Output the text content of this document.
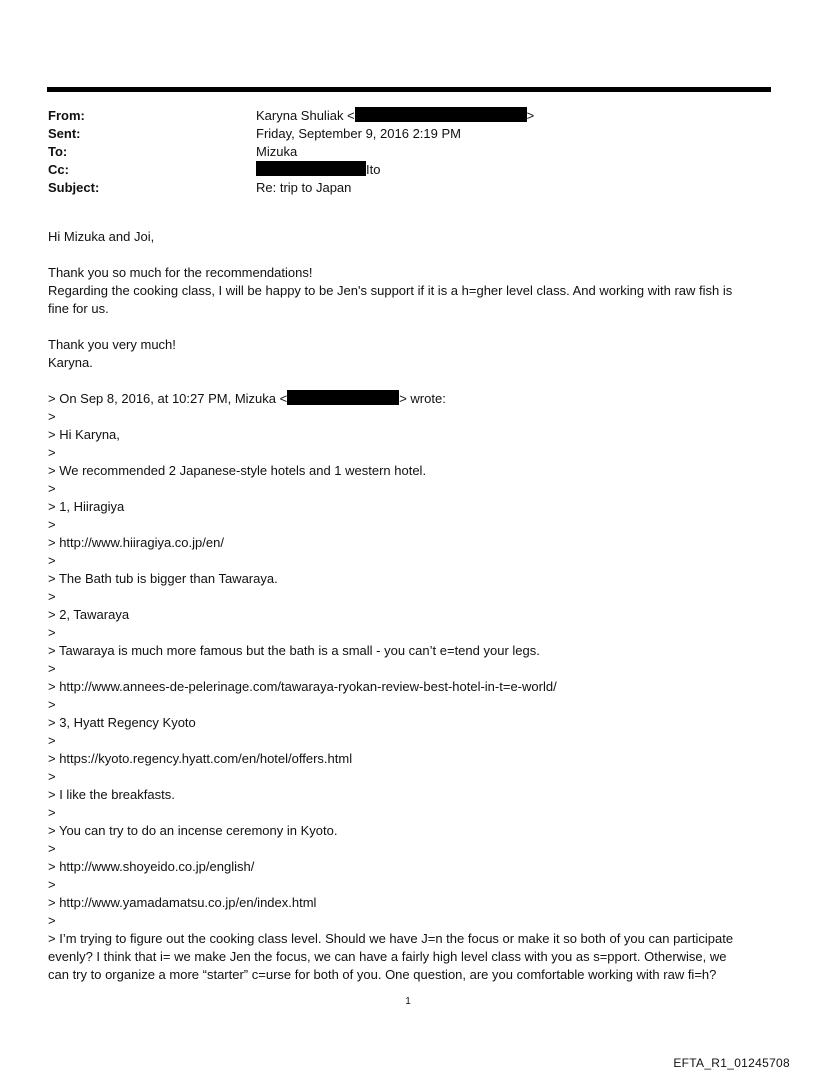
From:	Karyna Shuliak <	>
Sent:	Friday, September 9, 2016 2:19 PM
To:	Mizuka
Cc:	Ito
Subject:	Re: trip to Japan
Hi Mizuka and Joi,
Thank you so much for the recommendations!
Regarding the cooking class, I will be happy to be Jen's support if it is a h=gher level class. And working with raw fish is
fine for us.
Thank you very much!
Karyna.
> On Sep 8, 2016, at 10:27 PM, Mizuka <	> wrote:
>
> Hi Karyna,
>
> We recommended 2 Japanese-style hotels and 1 western hotel.
>
> 1, Hiiragiya
>
> http://www.hiiragiya.co.jp/en/
>
> The Bath tub is bigger than Tawaraya.
>
> 2, Tawaraya
>
> Tawaraya is much more famous but the bath is a small - you can’t e=tend your legs.
>
> http://www.annees-de-pelerinage.com/tawaraya-ryokan-review-best-hotel-in-t=e-world/
>
> 3, Hyatt Regency Kyoto
>
> https://kyoto.regency.hyatt.com/en/hotel/offers.html
>
> I like the breakfasts.
>
> You can try to do an incense ceremony in Kyoto.
>
> http://www.shoyeido.co.jp/english/
>
> http://www.yamadamatsu.co.jp/en/index.html
>
> I’m trying to figure out the cooking class level. Should we have J=n the focus or make it so both of you can participate
evenly? I think that i= we make Jen the focus, we can have a fairly high level class with you as s=pport. Otherwise, we
can try to organize a more “starter” c=urse for both of you. One question, are you comfortable working with raw fi=h?
1
EFTA_R1_01245708
